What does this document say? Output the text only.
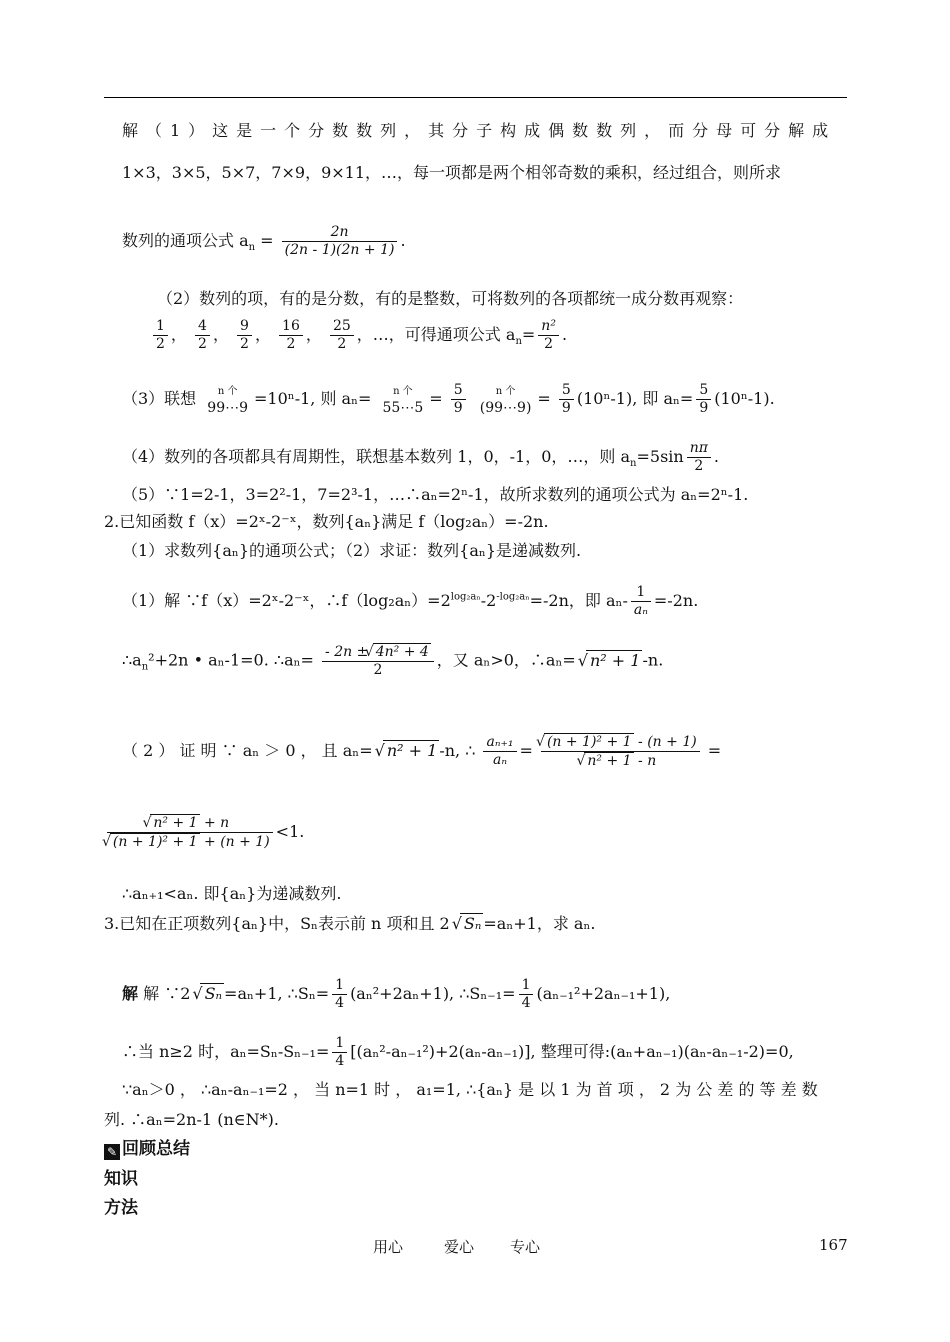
解（1）这是一个分数数列，其分子构成偶数数列，而分母可分解成
1×3，3×5，5×7，7×9，9×11，…，每一项都是两个相邻奇数的乘积，经过组合，则所求
数列的通项公式 $a_n = \frac{2n}{(2n - 1)(2n + 1)}$ .
（2）数列的项，有的是分数，有的是整数，可将数列的各项都统一成分数再观察：
$\frac{1}{2}$ ， $\frac{4}{2}$ ， $\frac{9}{2}$ ， $\frac{16}{2}$ ， $\frac{25}{2}$ ，…，可得通项公式 $a_n= \frac{\text{n²}}{2}$ .
（3）联想	n 个
99⋯9 =10ⁿ-1, 则 aₙ=	n 个
55⋯5 = $\frac{5}{9}$
	n 个
(99⋯9) = $\frac{5}{9} (10^n-1)$, 即 $a_n= \frac{5}{9} (10^n-1)$.
（4）数列的各项都具有周期性，联想基本数列 1，0，-1，0，…，则 $a_n=5\sin \frac{n\pi}{2}$ .
（5）∵1=2-1，3=2²-1，7=2³-1，…∴aₙ=2ⁿ-1，故所求数列的通项公式为 aₙ=2ⁿ-1.
2.已知函数 f（x）=2ˣ-2⁻ˣ，数列{aₙ}满足 f（log₂aₙ）=-2n.
（1）求数列{aₙ}的通项公式；（2）求证：数列{aₙ}是递减数列.
（1）解 ∵f（x）=2ˣ-2⁻ˣ，$\therefore f(\log_2a_n)=2^{log_2a_n}-2^{-log_2a_n}=-2n$，即 $a_n- \frac{1}{\text{aₙ}} =-2n$.
$\therefore a_n^2+2n$ • aₙ-1=0. ∴aₙ= $\frac{\text{- 2n ± √ 4n² + 4}}{2}$ ，又 aₙ>0，∴aₙ= √ n² + 1 -n.
（ 2 ） 证 明 ∵ aₙ ＞ 0 ， 且 aₙ= √ n² + 1 -n, ∴ $\frac{\text{aₙ₊₁}}{\text{aₙ}}$ = √ (n + 1)² + 1 - (n + 1)
√ n² + 1 - n =
√ n² + 1 + n
√ (n + 1)² + 1 + (n + 1) <1.
∴aₙ₊₁<aₙ. 即{aₙ}为递减数列.
3.已知在正项数列{aₙ}中，Sₙ表示前 n 项和且 2 √ Sₙ =aₙ+1，求 aₙ.
解 解 ∵2 √ Sₙ =aₙ+1, ∴Sₙ= $\frac{1}{4} (a_n^2+2a_n+1)$, ∴Sₙ₋₁= $\frac{1}{4} (a_{n-1}^2+2a_{n-1}+1)$,
∴当 n≥2 时，$a_n=S_n-S_{n-1}= \frac{1}{4} [(a_n^2-a_{n-1}^2)+2(a_n-a_{n-1})]$, 整理可得:(aₙ+aₙ₋₁)(aₙ-aₙ₋₁-2)=0,
∵aₙ＞0 ， ∴aₙ-aₙ₋₁=2 ， 当 n=1 时 ， a₁=1, ∴{aₙ} 是 以 1 为 首 项 ， 2 为 公 差 的 等 差 数
列. ∴aₙ=2n-1 (n∈N*).
✎ 回顾总结
知识
方法
用心	爱心 专心	167
